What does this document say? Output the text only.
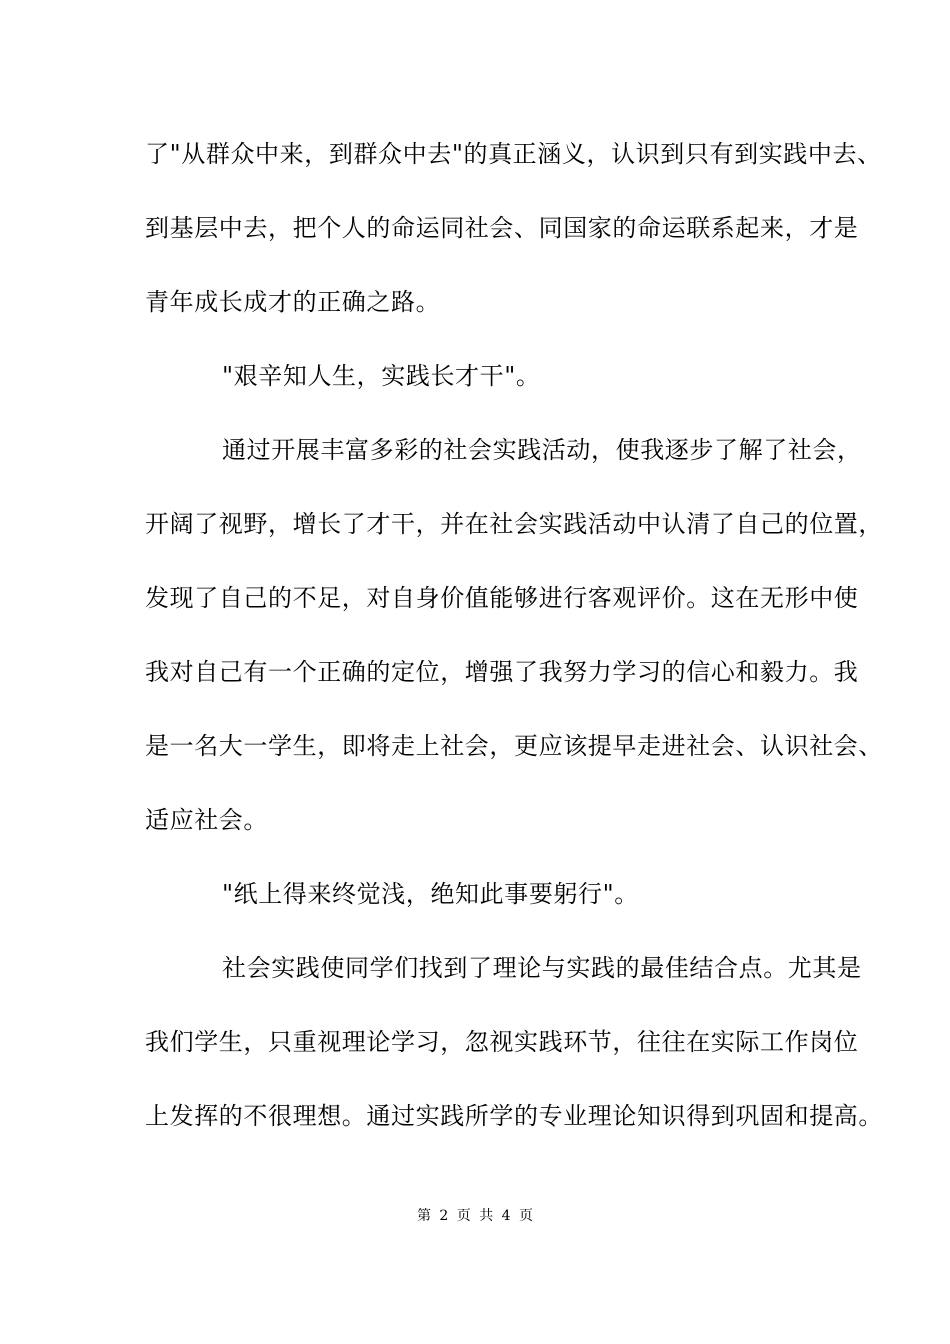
了"从群众中来，到群众中去"的真正涵义，认识到只有到实践中去、
到基层中去，把个人的命运同社会、同国家的命运联系起来，才是
青年成长成才的正确之路。
"艰辛知人生，实践长才干"。
通过开展丰富多彩的社会实践活动，使我逐步了解了社会，
开阔了视野，增长了才干，并在社会实践活动中认清了自己的位置，
发现了自己的不足，对自身价值能够进行客观评价。这在无形中使
我对自己有一个正确的定位，增强了我努力学习的信心和毅力。我
是一名大一学生，即将走上社会，更应该提早走进社会、认识社会、
适应社会。
"纸上得来终觉浅，绝知此事要躬行"。
社会实践使同学们找到了理论与实践的最佳结合点。尤其是
我们学生，只重视理论学习，忽视实践环节，往往在实际工作岗位
上发挥的不很理想。通过实践所学的专业理论知识得到巩固和提高。
第 2 页 共 4 页
